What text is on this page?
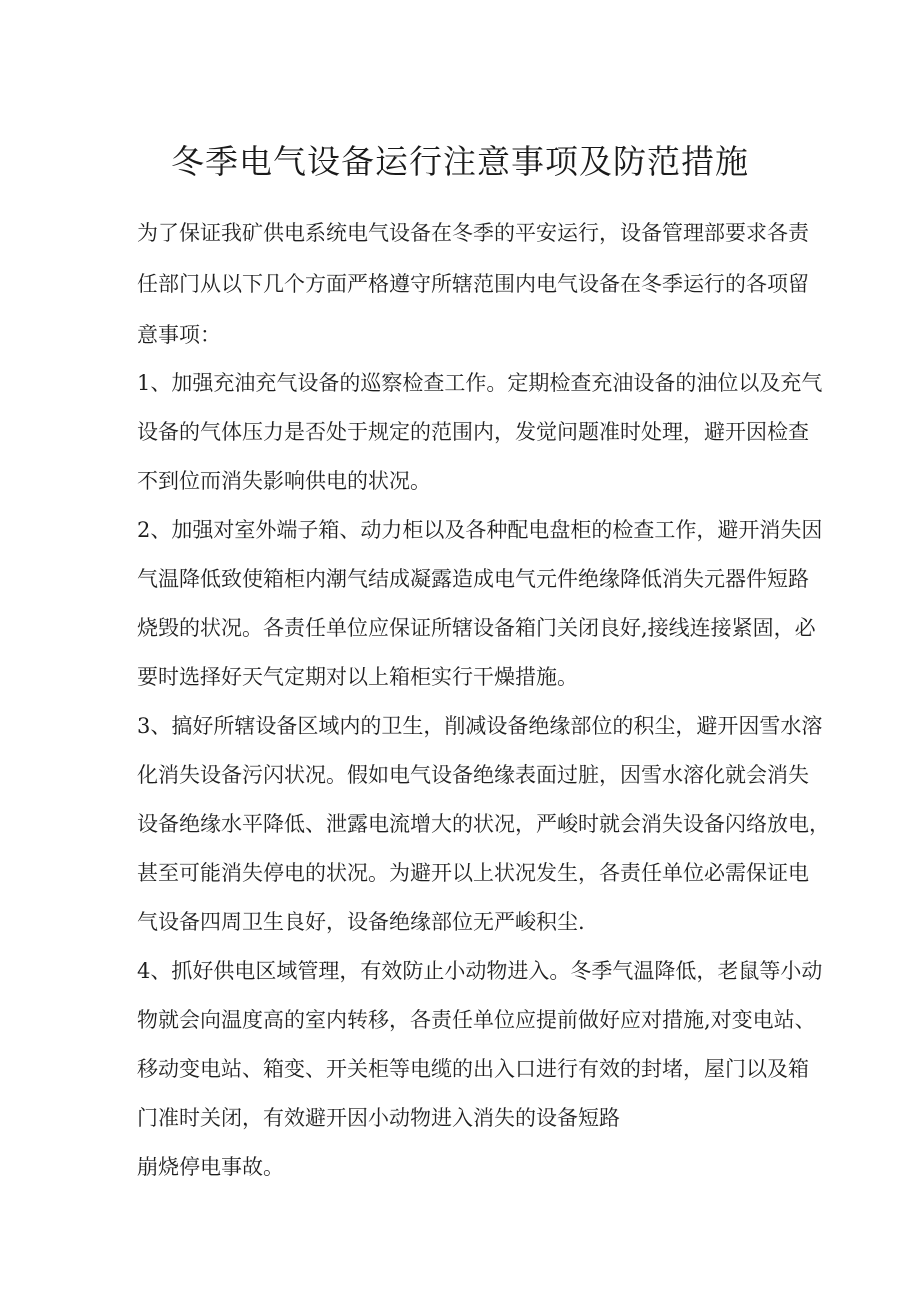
冬季电气设备运行注意事项及防范措施
为了保证我矿供电系统电气设备在冬季的平安运行，设备管理部要求各责
任部门从以下几个方面严格遵守所辖范围内电气设备在冬季运行的各项留
意事项：
1、加强充油充气设备的巡察检查工作。定期检查充油设备的油位以及充气
设备的气体压力是否处于规定的范围内，发觉问题准时处理，避开因检查
不到位而消失影响供电的状况。
2、加强对室外端子箱、动力柜以及各种配电盘柜的检查工作，避开消失因
气温降低致使箱柜内潮气结成凝露造成电气元件绝缘降低消失元器件短路
烧毁的状况。各责任单位应保证所辖设备箱门关闭良好,接线连接紧固，必
要时选择好天气定期对以上箱柜实行干燥措施。
3、搞好所辖设备区域内的卫生，削减设备绝缘部位的积尘，避开因雪水溶
化消失设备污闪状况。假如电气设备绝缘表面过脏，因雪水溶化就会消失
设备绝缘水平降低、泄露电流增大的状况，严峻时就会消失设备闪络放电，
甚至可能消失停电的状况。为避开以上状况发生，各责任单位必需保证电
气设备四周卫生良好，设备绝缘部位无严峻积尘.
4、抓好供电区域管理，有效防止小动物进入。冬季气温降低，老鼠等小动
物就会向温度高的室内转移，各责任单位应提前做好应对措施,对变电站、
移动变电站、箱变、开关柜等电缆的出入口进行有效的封堵，屋门以及箱
门准时关闭，有效避开因小动物进入消失的设备短路
崩烧停电事故。
